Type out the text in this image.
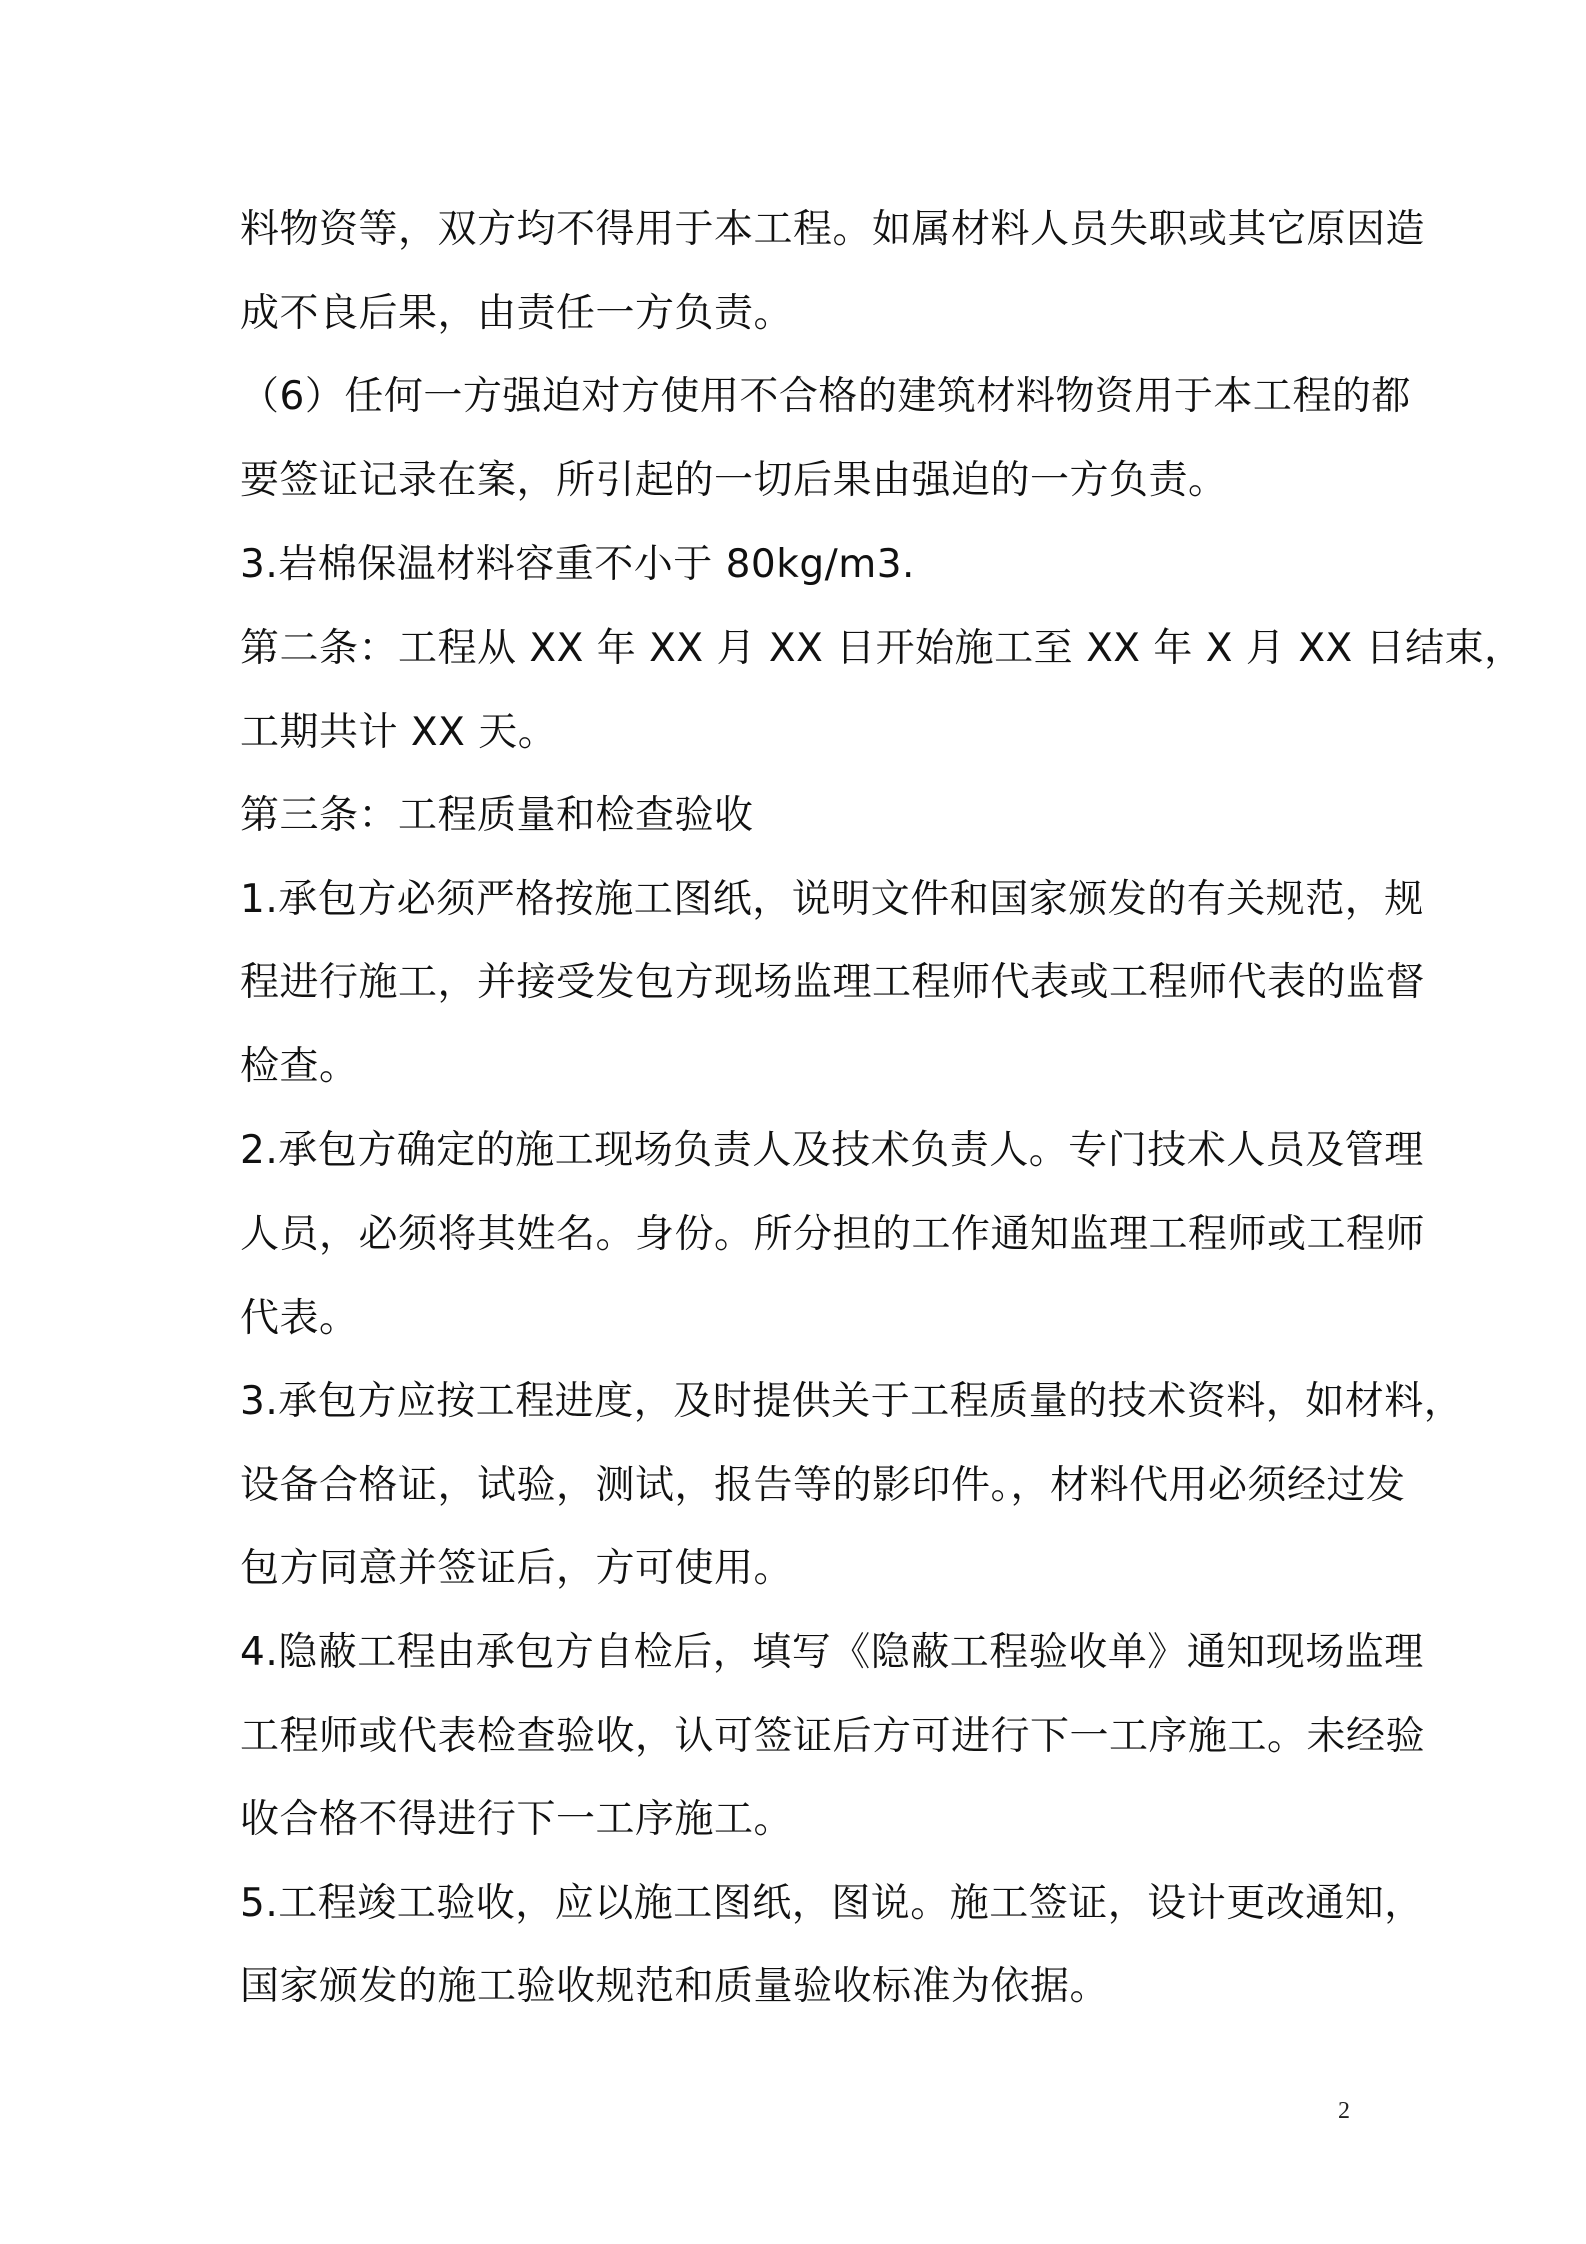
料物资等，双方均不得用于本工程。如属材料人员失职或其它原因造
成不良后果，由责任一方负责。
（6）任何一方强迫对方使用不合格的建筑材料物资用于本工程的都
要签证记录在案，所引起的一切后果由强迫的一方负责。
3.岩棉保温材料容重不小于 80kg/m3.
第二条：工程从 XX 年 XX 月 XX 日开始施工至 XX 年 X 月 XX 日结束，
工期共计 XX 天。
第三条：工程质量和检查验收
1.承包方必须严格按施工图纸，说明文件和国家颁发的有关规范，规
程进行施工，并接受发包方现场监理工程师代表或工程师代表的监督
检查。
2.承包方确定的施工现场负责人及技术负责人。专门技术人员及管理
人员，必须将其姓名。身份。所分担的工作通知监理工程师或工程师
代表。
3.承包方应按工程进度，及时提供关于工程质量的技术资料，如材料，
设备合格证，试验，测试，报告等的影印件。，材料代用必须经过发
包方同意并签证后，方可使用。
4.隐蔽工程由承包方自检后，填写《隐蔽工程验收单》通知现场监理
工程师或代表检查验收，认可签证后方可进行下一工序施工。未经验
收合格不得进行下一工序施工。
5.工程竣工验收，应以施工图纸，图说。施工签证，设计更改通知，
国家颁发的施工验收规范和质量验收标准为依据。
2
